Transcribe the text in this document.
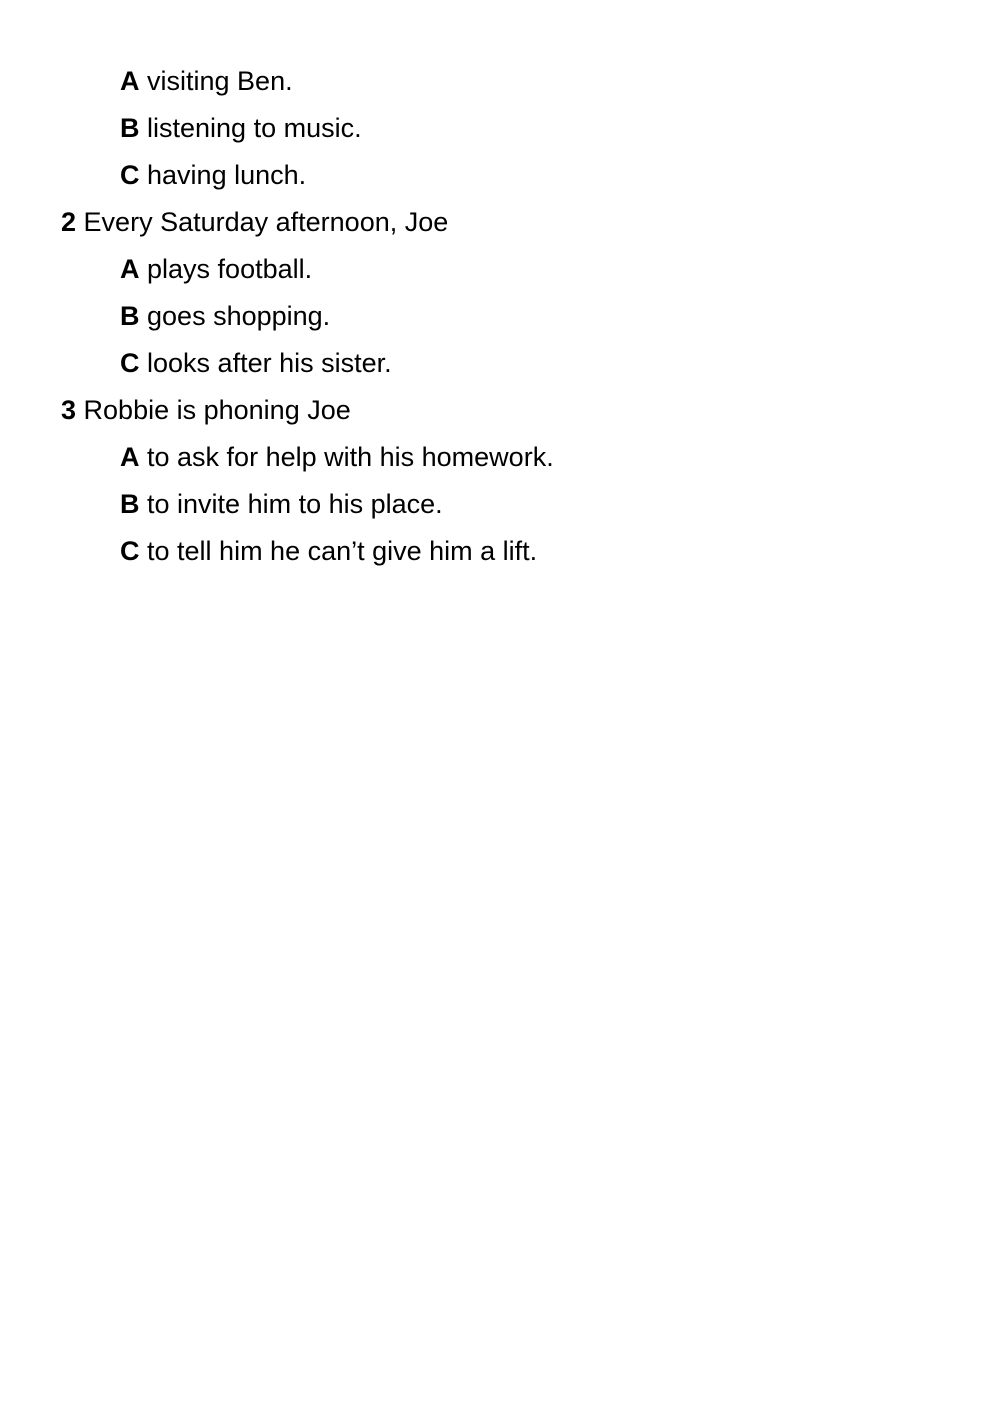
A visiting Ben.
B listening to music.
C having lunch.
2 Every Saturday afternoon, Joe
A plays football.
B goes shopping.
C looks after his sister.
3 Robbie is phoning Joe
A to ask for help with his homework.
B to invite him to his place.
C to tell him he can’t give him a lift.
